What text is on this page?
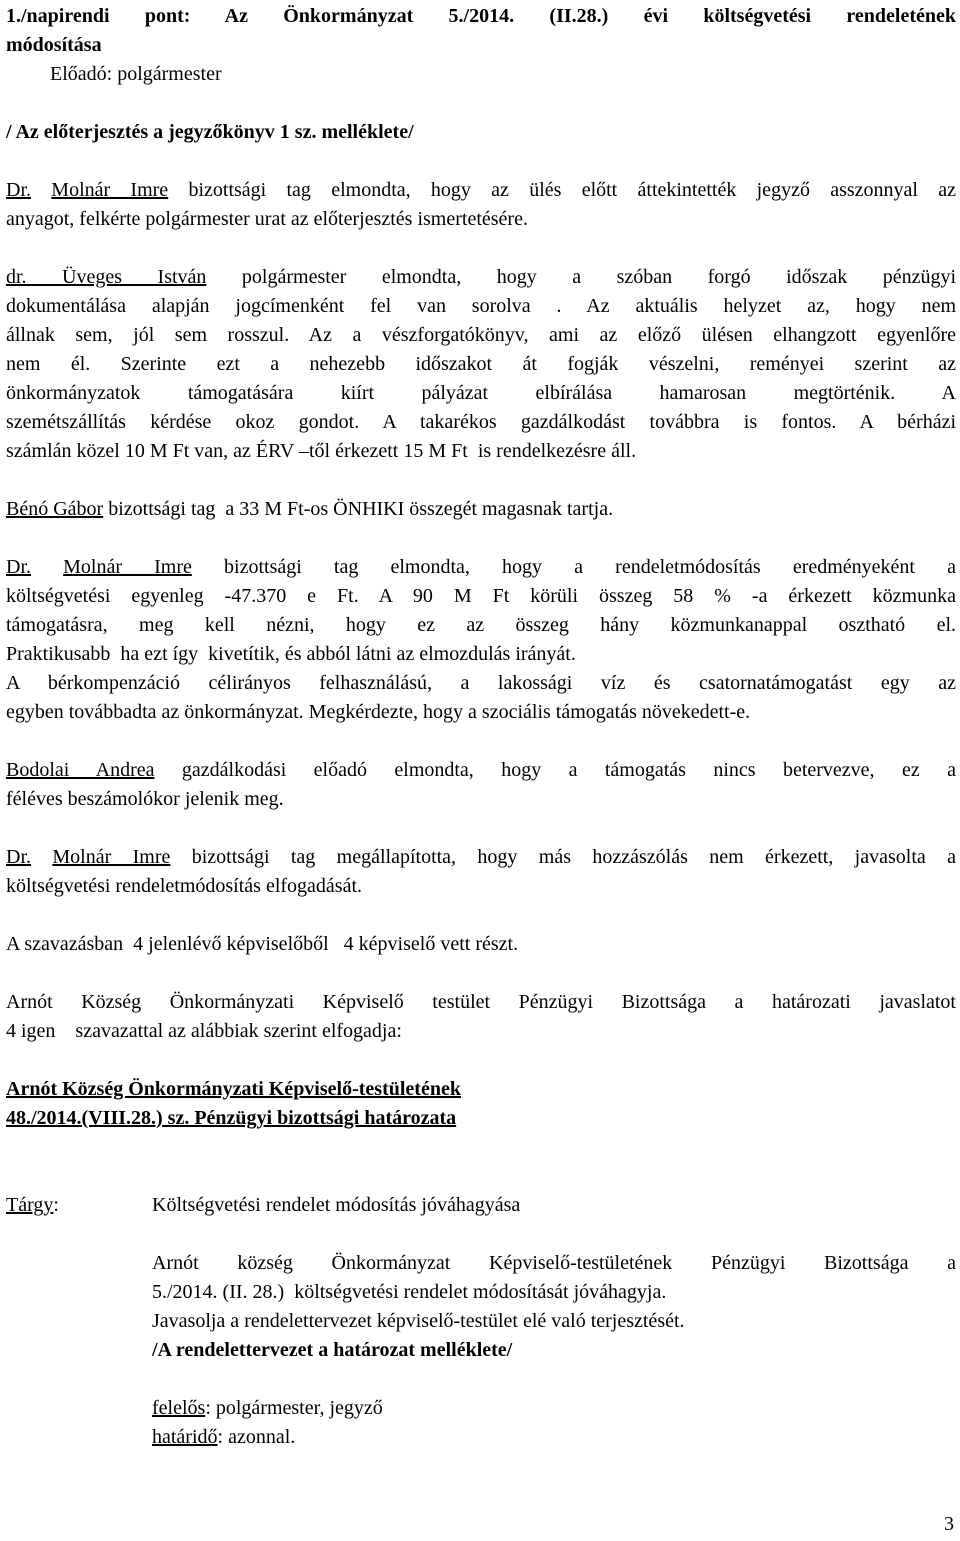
1./napirendi pont: Az Önkormányzat 5./2014. (II.28.) évi költségvetési rendeletének
módosítása
Előadó: polgármester
/ Az előterjesztés a jegyzőkönyv 1 sz. melléklete/
Dr. Molnár Imre bizottsági tag elmondta, hogy az ülés előtt áttekintették jegyző asszonnyal az
anyagot, felkérte polgármester urat az előterjesztés ismertetésére.
dr. Üveges István polgármester elmondta, hogy a szóban forgó időszak pénzügyi
dokumentálása alapján jogcímenként fel van sorolva . Az aktuális helyzet az, hogy nem
állnak sem, jól sem rosszul. Az a vészforgatókönyv, ami az előző ülésen elhangzott egyenlőre
nem él. Szerinte ezt a nehezebb időszakot át fogják vészelni, reményei szerint az
önkormányzatok támogatására kiírt pályázat elbírálása hamarosan megtörténik. A
szemétszállítás kérdése okoz gondot. A takarékos gazdálkodást továbbra is fontos. A bérházi
számlán közel 10 M Ft van, az ÉRV –től érkezett 15 M Ft  is rendelkezésre áll.
Bénó Gábor bizottsági tag  a 33 M Ft-os ÖNHIKI összegét magasnak tartja.
Dr. Molnár Imre bizottsági tag elmondta, hogy a rendeletmódosítás eredményeként a
költségvetési egyenleg -47.370 e Ft. A 90 M Ft körüli összeg 58 % -a érkezett közmunka
támogatásra, meg kell nézni, hogy ez az összeg hány közmunkanappal osztható el.
Praktikusabb  ha ezt így  kivetítik, és abból látni az elmozdulás irányát.
A bérkompenzáció célirányos felhasználású, a lakossági víz és csatornatámogatást egy az
egyben továbbadta az önkormányzat. Megkérdezte, hogy a szociális támogatás növekedett-e.
Bodolai Andrea gazdálkodási előadó elmondta, hogy a támogatás nincs betervezve, ez a
féléves beszámolókor jelenik meg.
Dr. Molnár Imre bizottsági tag megállapította, hogy más hozzászólás nem érkezett, javasolta a
költségvetési rendeletmódosítás elfogadását.
A szavazásban  4 jelenlévő képviselőből   4 képviselő vett részt.
Arnót Község Önkormányzati Képviselő testület Pénzügyi Bizottsága a határozati javaslatot
4 igen    szavazattal az alábbiak szerint elfogadja:
Arnót Község Önkormányzati Képviselő-testületének
48./2014.(VIII.28.) sz. Pénzügyi bizottsági határozata
Tárgy:	Költségvetési rendelet módosítás jóváhagyása
Arnót község Önkormányzat Képviselő-testületének Pénzügyi Bizottsága a
5./2014. (II. 28.)  költségvetési rendelet módosítását jóváhagyja.
Javasolja a rendelettervezet képviselő-testület elé való terjesztését.
/A rendelettervezet a határozat melléklete/
felelős: polgármester, jegyző
határidő: azonnal.
3
